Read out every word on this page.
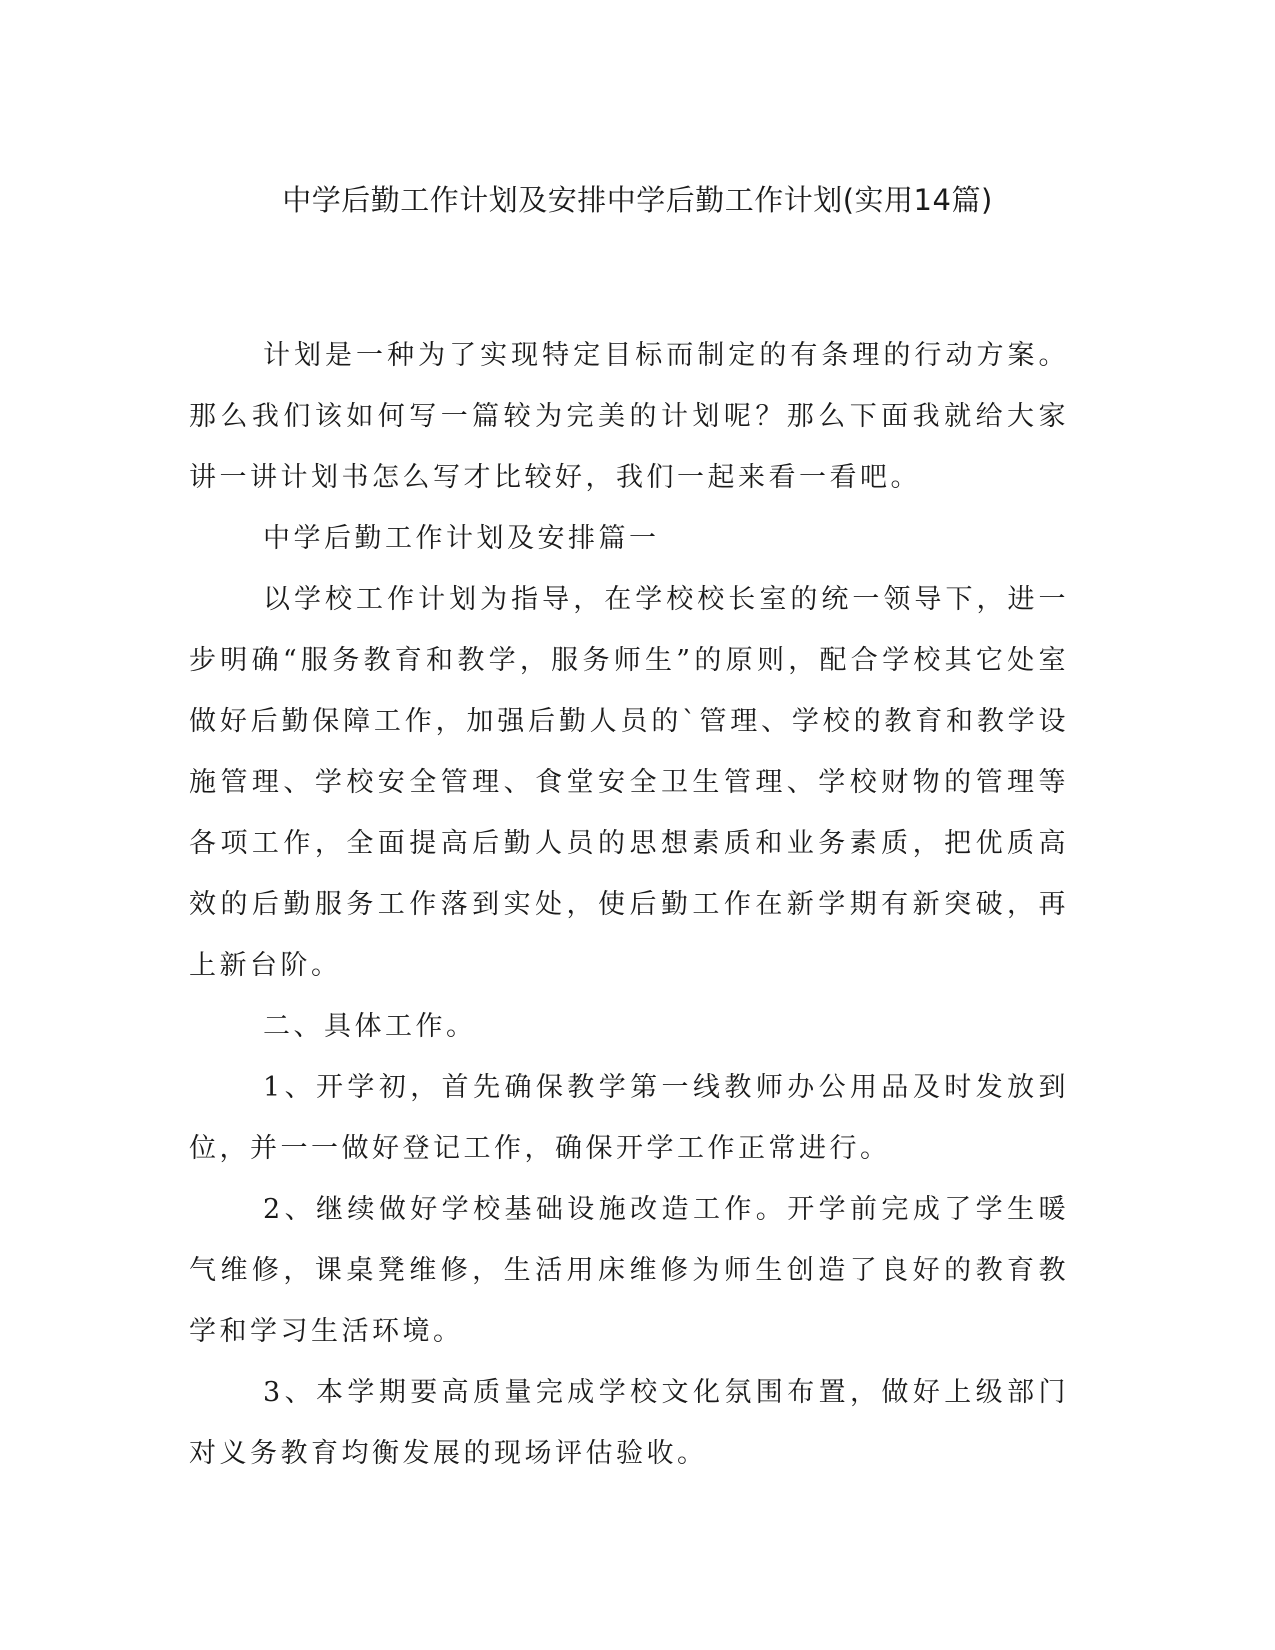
中学后勤工作计划及安排中学后勤工作计划(实用14篇)

计划是一种为了实现特定目标而制定的有条理的行动方案。那么我们该如何写一篇较为完美的计划呢？那么下面我就给大家讲一讲计划书怎么写才比较好，我们一起来看一看吧。

中学后勤工作计划及安排篇一

以学校工作计划为指导，在学校校长室的统一领导下，进一步明确“服务教育和教学，服务师生”的原则，配合学校其它处室做好后勤保障工作，加强后勤人员的`管理、学校的教育和教学设施管理、学校安全管理、食堂安全卫生管理、学校财物的管理等各项工作，全面提高后勤人员的思想素质和业务素质，把优质高效的后勤服务工作落到实处，使后勤工作在新学期有新突破，再上新台阶。

二、具体工作。

1、开学初，首先确保教学第一线教师办公用品及时发放到位，并一一做好登记工作，确保开学工作正常进行。

2、继续做好学校基础设施改造工作。开学前完成了学生暖气维修，课桌凳维修，生活用床维修为师生创造了良好的教育教学和学习生活环境。

3、本学期要高质量完成学校文化氛围布置，做好上级部门对义务教育均衡发展的现场评估验收。
